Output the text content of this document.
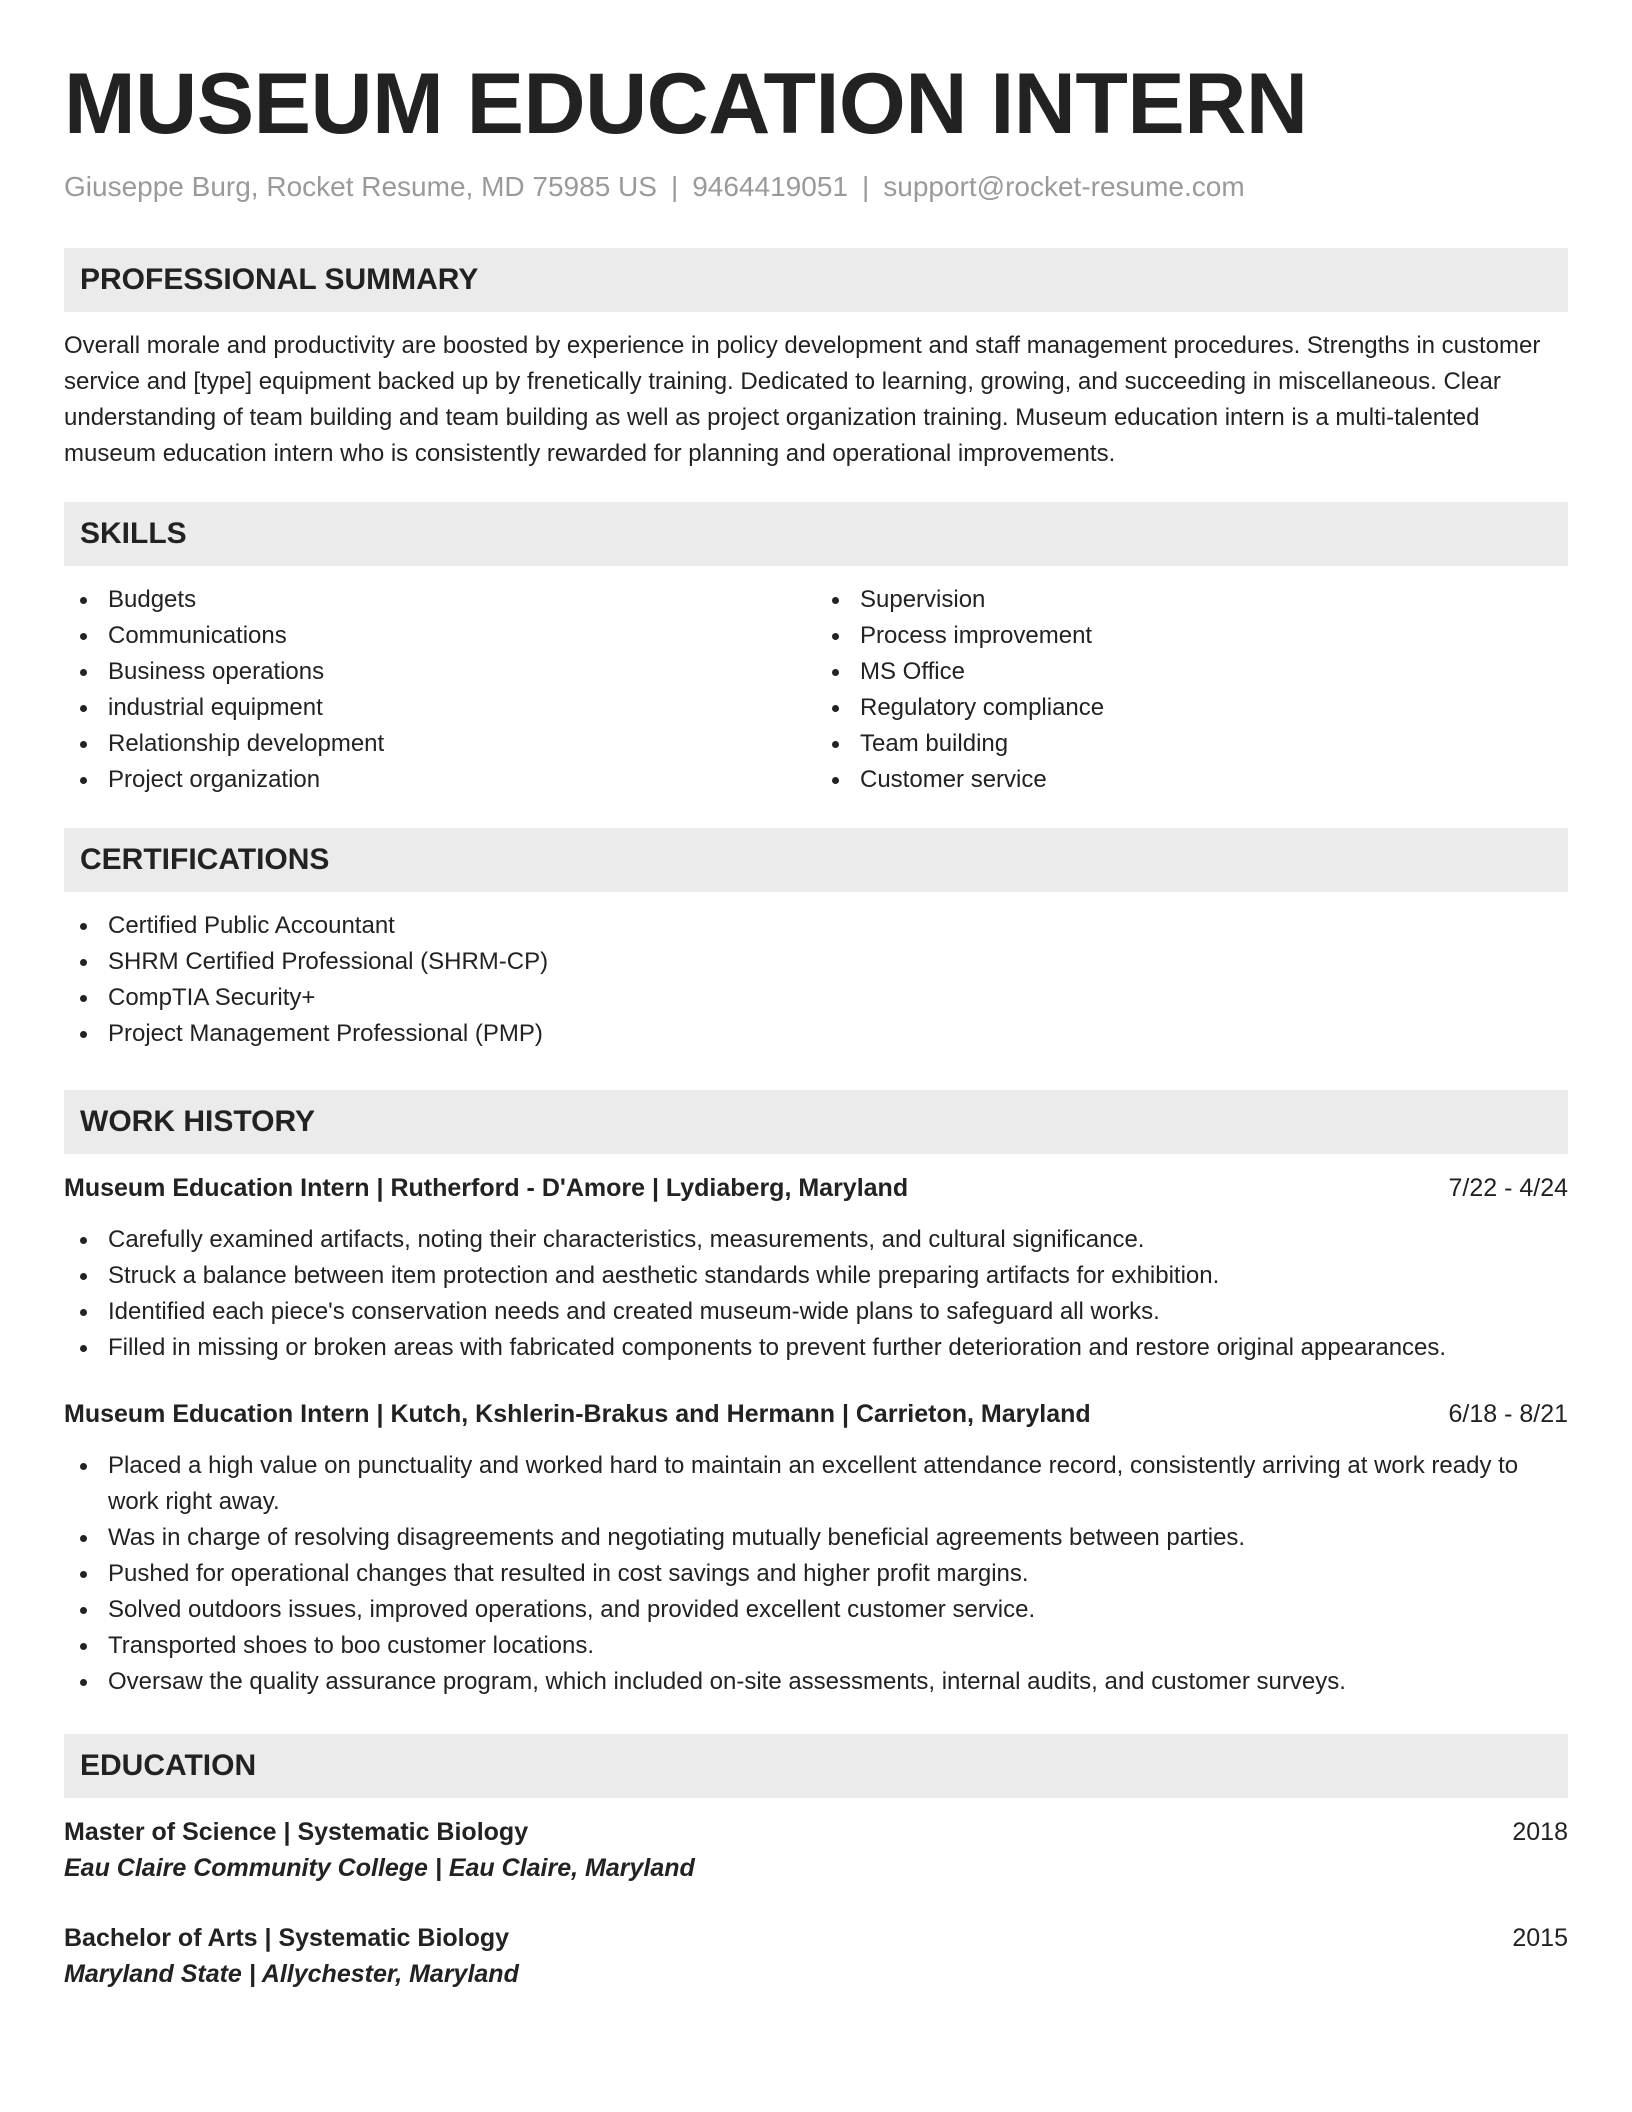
MUSEUM EDUCATION INTERN
Giuseppe Burg, Rocket Resume, MD 75985 US | 9464419051 | support@rocket-resume.com
PROFESSIONAL SUMMARY

Overall morale and productivity are boosted by experience in policy development and staff management procedures. Strengths in customer service and [type] equipment backed up by frenetically training. Dedicated to learning, growing, and succeeding in miscellaneous. Clear understanding of team building and team building as well as project organization training. Museum education intern is a multi-talented museum education intern who is consistently rewarded for planning and operational improvements.

SKILLS
Budgets
Communications
Business operations
industrial equipment
Relationship development
Project organization
Supervision
Process improvement
MS Office
Regulatory compliance
Team building
Customer service
CERTIFICATIONS
Certified Public Accountant
SHRM Certified Professional (SHRM-CP)
CompTIA Security+
Project Management Professional (PMP)
WORK HISTORY
Museum Education Intern | Rutherford - D'Amore | Lydiaberg, Maryland	7/22 - 4/24
Carefully examined artifacts, noting their characteristics, measurements, and cultural significance.
Struck a balance between item protection and aesthetic standards while preparing artifacts for exhibition.
Identified each piece's conservation needs and created museum-wide plans to safeguard all works.
Filled in missing or broken areas with fabricated components to prevent further deterioration and restore original appearances.
Museum Education Intern | Kutch, Kshlerin-Brakus and Hermann | Carrieton, Maryland	6/18 - 8/21
Placed a high value on punctuality and worked hard to maintain an excellent attendance record, consistently arriving at work ready to work right away.
Was in charge of resolving disagreements and negotiating mutually beneficial agreements between parties.
Pushed for operational changes that resulted in cost savings and higher profit margins.
Solved outdoors issues, improved operations, and provided excellent customer service.
Transported shoes to boo customer locations.
Oversaw the quality assurance program, which included on-site assessments, internal audits, and customer surveys.
EDUCATION
Master of Science | Systematic Biology	2018
Eau Claire Community College | Eau Claire, Maryland
Bachelor of Arts | Systematic Biology	2015
Maryland State | Allychester, Maryland
